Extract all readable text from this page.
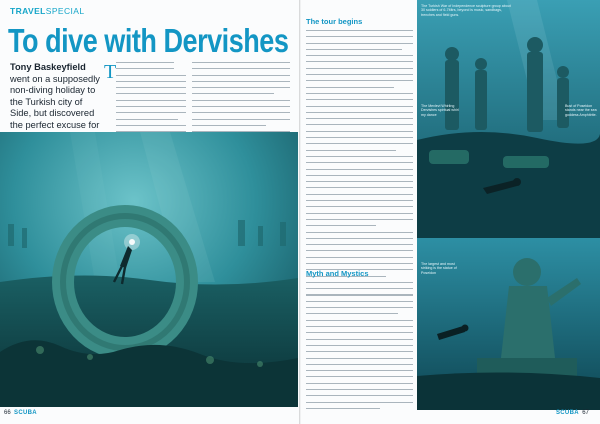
TRAVELSPECIAL
To dive with Dervishes
Tony Baskeyfield went on a supposedly non-diving holiday to the Turkish city of Side, but discovered the perfect excuse for
T
66 SCUBA
The tour begins
Myth and Mystics
The Turkish War of Independence sculpture group about 30 soldiers of 6-7Mtrs, beyond is music, sandbags, trenches and field guns.
The Mevlevi Whirling Dervishes spiritual whirl my dance
Bust of Poseidon stands near the sea goddess Amphitrite.
The largest and most striking is the statue of Poseidon
SCUBA 67
